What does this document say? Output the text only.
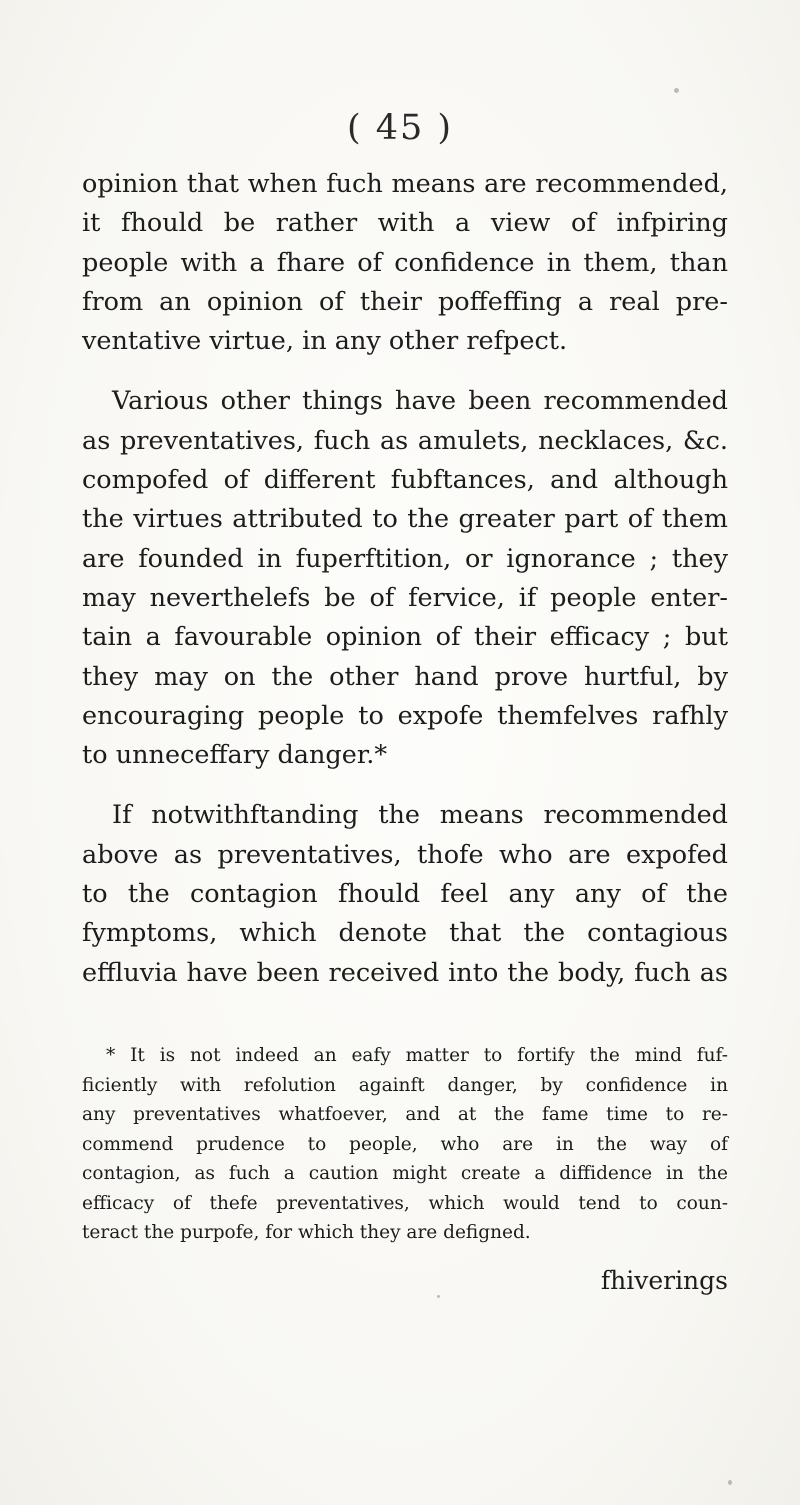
( 45 )
opinion that when fuch means are recommended,
it fhould be rather with a view of infpiring
people with a fhare of confidence in them, than
from an opinion of their poffeffing a real pre-
ventative virtue, in any other refpect.
Various other things have been recommended
as preventatives, fuch as amulets, necklaces, &c.
compofed of different fubftances, and although
the virtues attributed to the greater part of them
are founded in fuperftition, or ignorance ; they
may neverthelefs be of fervice, if people enter-
tain a favourable opinion of their efficacy ; but
they may on the other hand prove hurtful, by
encouraging people to expofe themfelves rafhly
to unneceffary danger.*
If notwithftanding the means recommended
above as preventatives, thofe who are expofed
to the contagion fhould feel any any of the
fymptoms, which denote that the contagious
effluvia have been received into the body, fuch as
* It is not indeed an eafy matter to fortify the mind fuf-
ficiently with refolution againft danger, by confidence in
any preventatives whatfoever, and at the fame time to re-
commend prudence to people, who are in the way of
contagion, as fuch a caution might create a diffidence in the
efficacy of thefe preventatives, which would tend to coun-
teract the purpofe, for which they are defigned.
fhiverings
